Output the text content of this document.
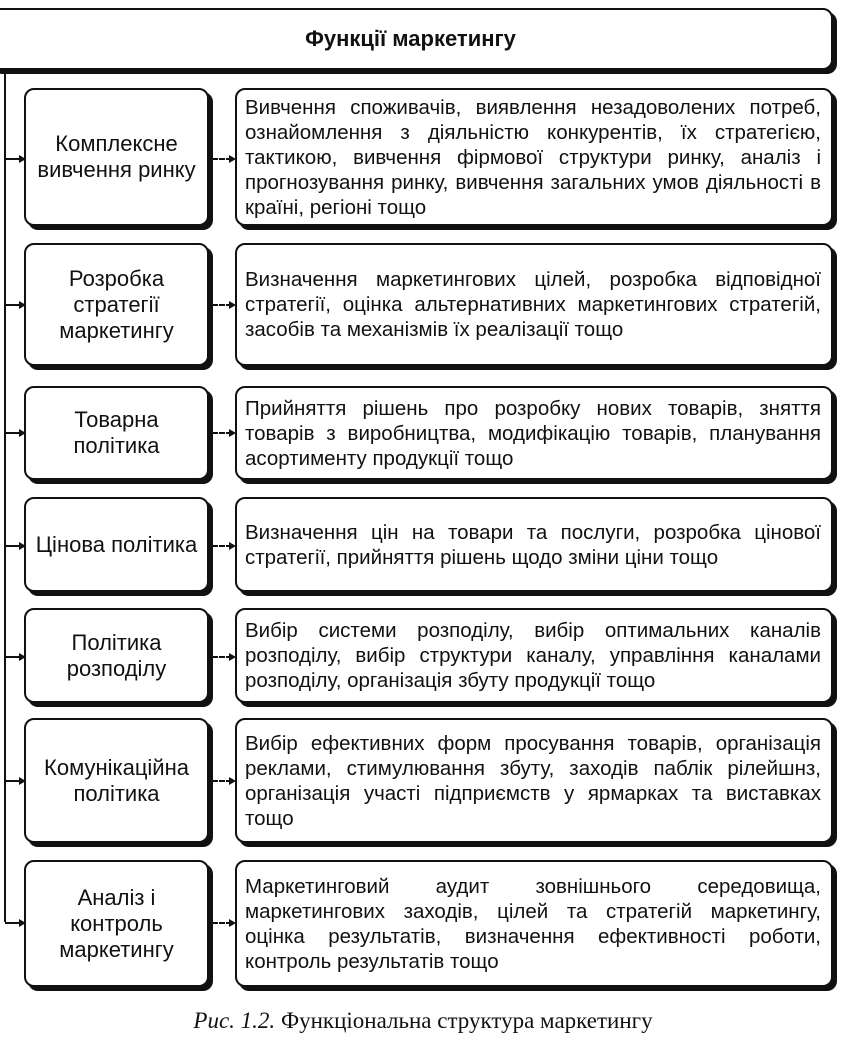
Функції маркетингу
Комплексне вивчення ринку
Вивчення споживачів, виявлення незадоволених потреб, ознайомлення з діяльністю конкурентів, їх стратегією, тактикою, вивчення фірмової структури ринку, аналіз і прогнозування ринку, вивчення загальних умов діяльності в країні, регіоні тощо
Розробка стратегії маркетингу
Визначення маркетингових цілей, розробка відповідної стратегії, оцінка альтернативних маркетингових стратегій, засобів та механізмів їх реалізації тощо
Товарна політика
Прийняття рішень про розробку нових товарів, зняття товарів з виробництва, модифікацію товарів, планування асортименту продукції тощо
Цінова політика Визначення цін на товари та послуги, розробка цінової стратегії, прийняття рішень щодо зміни ціни тощо
Політика розподілу
Вибір системи розподілу, вибір оптимальних каналів розподілу, вибір структури каналу, управління каналами розподілу, організація збуту продукції тощо
Комунікаційна політика
Вибір ефективних форм просування товарів, організація реклами, стимулювання збуту, заходів паблік рілейшнз, організація участі підприємств у ярмарках та виставках тощо
Аналіз і контроль маркетингу
Маркетинговий аудит зовнішнього середовища, маркетингових заходів, цілей та стратегій маркетингу, оцінка результатів, визначення ефективності роботи, контроль результатів тощо
Рис. 1.2. Функціональна структура маркетингу
